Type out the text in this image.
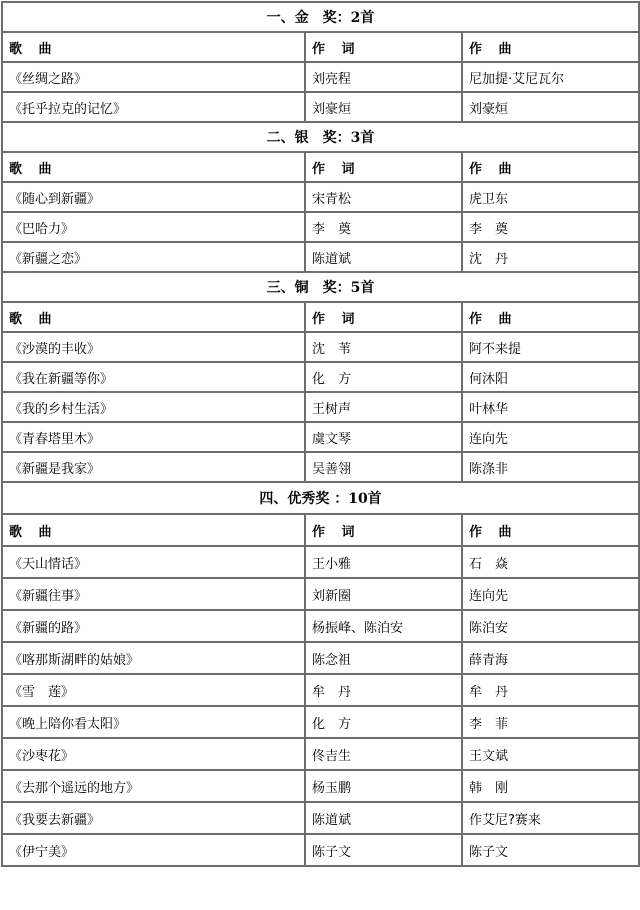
一、金　奖：2首		
歌 曲	作 词	作 曲
《丝绸之路》	刘亮程	尼加提·艾尼瓦尔
《托乎拉克的记忆》	刘豪烜	刘豪烜
二、银　奖：3首		
歌 曲	作 词	作 曲
《随心到新疆》	宋青松	虎卫东
《巴哈力》	李　奠	李　奠
《新疆之恋》	陈道斌	沈　丹
三、铜　奖：5首		
歌 曲	作 词	作 曲
《沙漠的丰收》	沈　苇	阿不来提
《我在新疆等你》	化　方	何沐阳
《我的乡村生活》	王树声	叶林华
《青春塔里木》	虞文琴	连向先
《新疆是我家》	吴善翎	陈涤非
四、优秀奖 ：10首		
歌 曲	作 词	作 曲
《天山情话》	王小雅	石　焱
《新疆往事》	刘新圈	连向先
《新疆的路》	杨振峰、陈泊安	陈泊安
《喀那斯湖畔的姑娘》	陈念祖	薛青海
《雪　莲》	牟　丹	牟　丹
《晚上陪你看太阳》	化　方	李　菲
《沙枣花》	佟吉生	王文斌
《去那个遥远的地方》	杨玉鹏	韩　刚
《我要去新疆》	陈道斌	作艾尼?赛来
《伊宁美》	陈子文	陈子文
